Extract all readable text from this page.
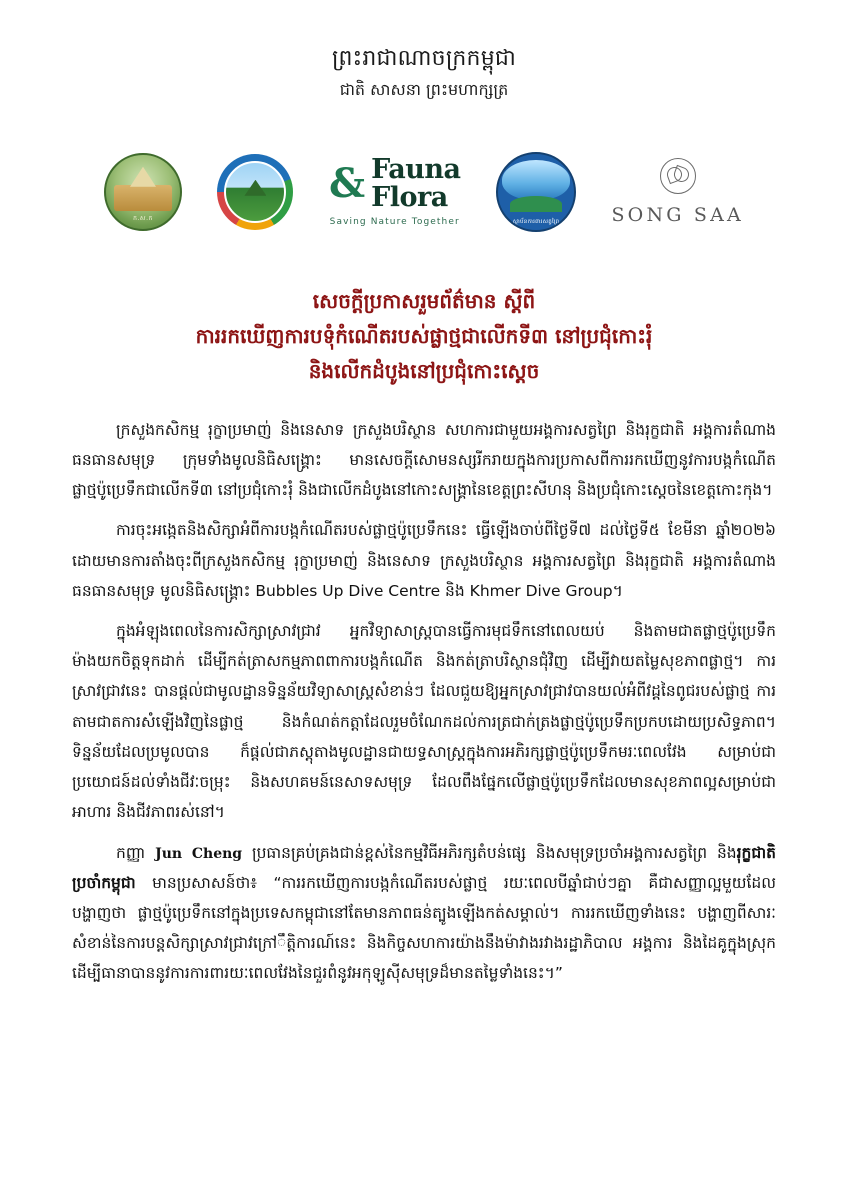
ព្រះរាជាណាចក្រកម្ពុជា
ជាតិ សាសនា ព្រះមហាក្សត្រ
ក.ស.ក
& Fauna
Flora
Saving Nature Together	ស្ថាប័នការពារសត្វព្រៃ	SONG SAA
សេចក្ដីប្រកាសរួមព័ត៌មាន ស្ដីពី
ការរកឃើញការបទុំកំណើតរបស់ផ្លាថ្មជាលើកទី៣ នៅប្រជុំកោះរុំ
និងលើកដំបូងនៅប្រជុំកោះស្ដេច

ក្រសួងកសិកម្ម រុក្ខាប្រមាញ់ និងនេសាទ ក្រសួងបរិស្ថាន សហការជាមួយអង្គការសត្វព្រៃ និងរុក្ខជាតិ អង្គការតំណាងធនធានសមុទ្រ ក្រុមទាំងមូលនិធិសង្រ្គោះ មានសេចក្ដីសោមនស្សរីករាយក្នុងការប្រកាសពីការរកឃើញនូវការបង្កកំណើតផ្លាថ្មប៉ូប្រេទឹកជាលើកទី៣ នៅប្រជុំកោះរុំ និងជាលើកដំបូងនៅកោះសង្រ្គានៃខេត្តព្រះសីហនុ និងប្រជុំកោះស្ដេចនៃខេត្តកោះកុង។

ការចុះអង្កេតនិងសិក្សាអំពីការបង្កកំណើតរបស់ផ្លាថ្មប៉ូប្រេទឹកនេះ ធ្វើឡើងចាប់ពីថ្ងៃទី៧ ដល់ថ្ងៃទី៥ ខែមីនា ឆ្នាំ២០២៦ ដោយមានការតាំងចុះពីក្រសួងកសិកម្ម រុក្ខាប្រមាញ់ និងនេសាទ ក្រសួងបរិស្ថាន អង្គការសត្វព្រៃ និងរុក្ខជាតិ អង្គការតំណាងធនធានសមុទ្រ មូលនិធិសង្រ្គោះ Bubbles Up Dive Centre និង Khmer Dive Group។

ក្នុងអំឡុងពេលនៃការសិក្សាស្រាវជ្រាវ អ្នកវិទ្យាសាស្ត្របានធ្វើការមុជទឹកនៅពេលយប់ និងតាមជាតផ្លាថ្មប៉ូប្រេទឹកម៉ាងយកចិត្តទុកដាក់ ដើម្បីកត់ត្រាសកម្មភាពពាការបង្កកំណើត និងកត់ត្រាបរិស្ថានជុំវិញ ដើម្បីវាយតម្លៃសុខភាពផ្លាថ្ម។ ការស្រាវជ្រាវនេះ បានផ្ដល់ជាមូលដ្ឋានទិន្នន័យវិទ្យាសាស្ត្រសំខាន់ៗ ដែលជួយឱ្យអ្នកស្រាវជ្រាវបានយល់អំពីវដ្តនៃពូជរបស់ផ្លាថ្ម ការតាមជាតការសំឡើងវិញនៃផ្លាថ្ម និងកំណត់កត្តាដែលរួមចំណែកដល់ការត្រជាក់ត្រងផ្លាថ្មប៉ូប្រេទឹកប្រកបដោយប្រសិទ្ធភាព។ ទិន្នន័យដែលប្រមូលបាន ក៏ផ្ដល់ជាភស្តុតាងមូលដ្ឋានជាយទ្ធសាស្ត្រក្នុងការអភិរក្សផ្លាថ្មប៉ូប្រេទឹកមរៈពេលវែង សម្រាប់ជាប្រយោជន៍ដល់ទាំងជីវៈចម្រុះ និងសហគមន៍នេសាទសមុទ្រ ដែលពឹងផ្នែកលើផ្លាថ្មប៉ូប្រេទឹកដែលមានសុខភាពល្អសម្រាប់ជាអាហារ និងជីវភាពរស់នៅ។

កញ្ញា Jun Cheng ប្រធានគ្រប់គ្រងជាន់ខ្ពស់នៃកម្មវិធីអភិរក្សតំបន់ផ្សេ និងសមុទ្រប្រចាំអង្គការសត្វព្រៃ និងរុក្ខជាតិប្រចាំកម្ពុជា មានប្រសាសន៍ថា៖ “ការរកឃើញការបង្កកំណើតរបស់ផ្លាថ្ម រយៈពេលបីឆ្នាំជាប់ៗគ្នា គឺជាសញ្ញាល្អមួយដែលបង្ហាញថា ផ្លាថ្មប៉ូប្រេទឹកនៅក្នុងប្រទេសកម្ពុជានៅតែមានភាពធន់ត្បូងឡើងកត់សម្គាល់។ ការរកឃើញទាំងនេះ បង្ហាញពីសារៈសំខាន់នៃការបន្តសិក្សាស្រាវជ្រាវក្រៅឹត្តិការណ៍នេះ និងកិច្ចសហការយ៉ាងនឹងម៉ាវាងរវាងរដ្ឋាភិបាល អង្គការ និងដៃគូក្នុងស្រុក ដើម្បីធានាបាននូវការការពារយៈពេលវែងនៃជួរពំនូវអកុឡូស៊ីសមុទ្រដ៏មានតម្លៃទាំងនេះ។”
